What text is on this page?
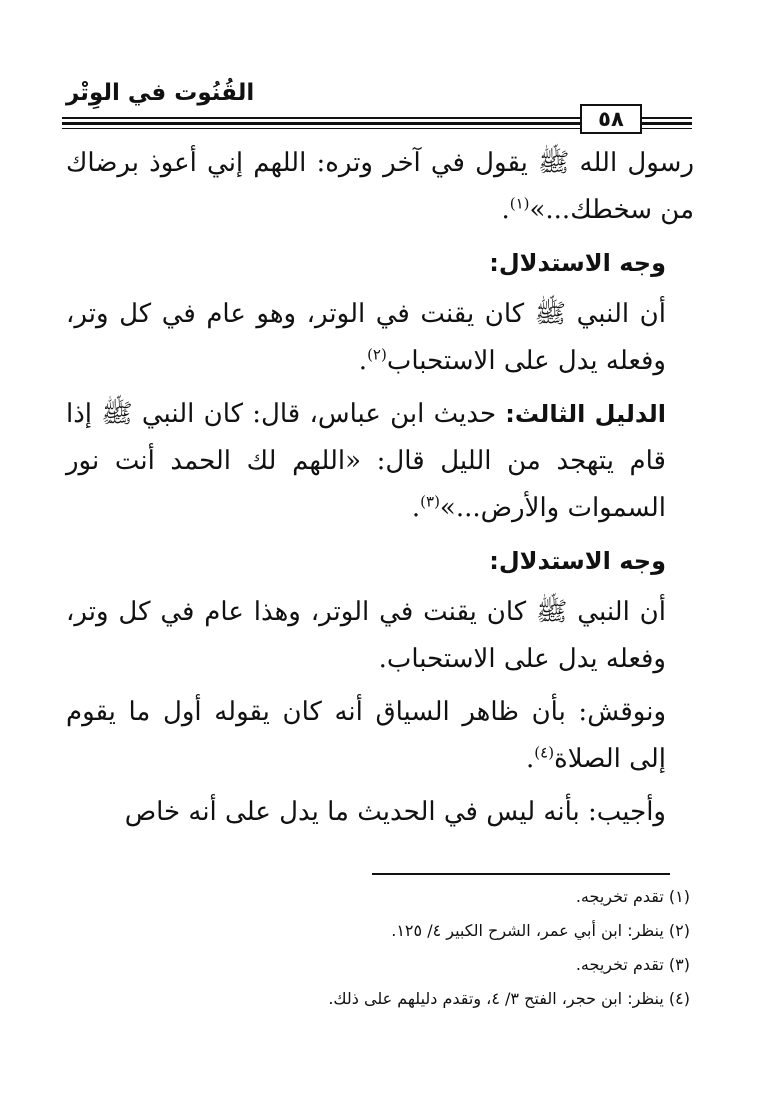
القُنُوت في الوِتْر
٥٨

رسول الله ﷺ يقول في آخر وتره: اللهم إني أعوذ برضاك من سخطك...»$^{(١)}$.

وجه الاستدلال:

أن النبي ﷺ كان يقنت في الوتر، وهو عام في كل وتر، وفعله يدل على الاستحباب$^{(٢)}$.

الدليل الثالث: حديث ابن عباس، قال: كان النبي ﷺ إذا قام يتهجد من الليل قال: «اللهم لك الحمد أنت نور السموات والأرض...»$^{(٣)}$.

وجه الاستدلال:

أن النبي ﷺ كان يقنت في الوتر، وهذا عام في كل وتر، وفعله يدل على الاستحباب.

ونوقش: بأن ظاهر السياق أنه كان يقوله أول ما يقوم إلى الصلاة$^{(٤)}$.

وأجيب: بأنه ليس في الحديث ما يدل على أنه خاص

(١) تقدم تخريجه.
(٢) ينظر: ابن أبي عمر، الشرح الكبير ٤/ ١٢٥.
(٣) تقدم تخريجه.
(٤) ينظر: ابن حجر، الفتح ٣/ ٤، وتقدم دليلهم على ذلك.
